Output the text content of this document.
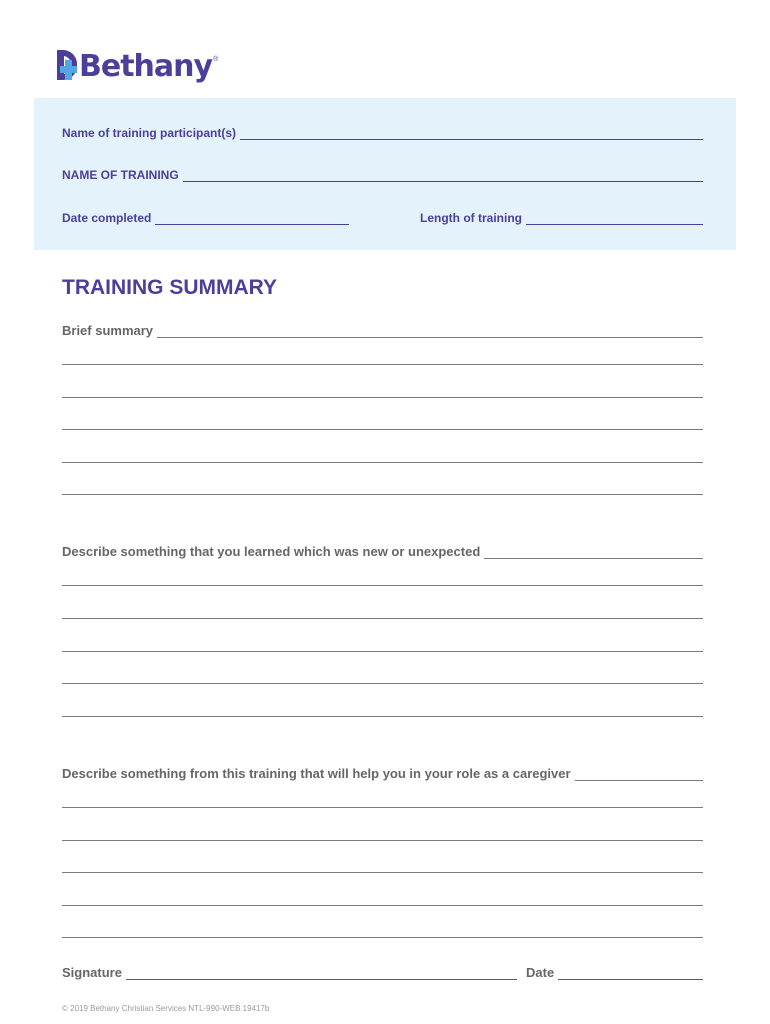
Bethany ®
Name of training participant(s)
NAME OF TRAINING
Date completed	Length of training
TRAINING SUMMARY
Brief summary
Describe something that you learned which was new or unexpected
Describe something from this training that will help you in your role as a caregiver
Signature	Date
© 2019 Bethany Christian Services NTL-990-WEB 19417b
